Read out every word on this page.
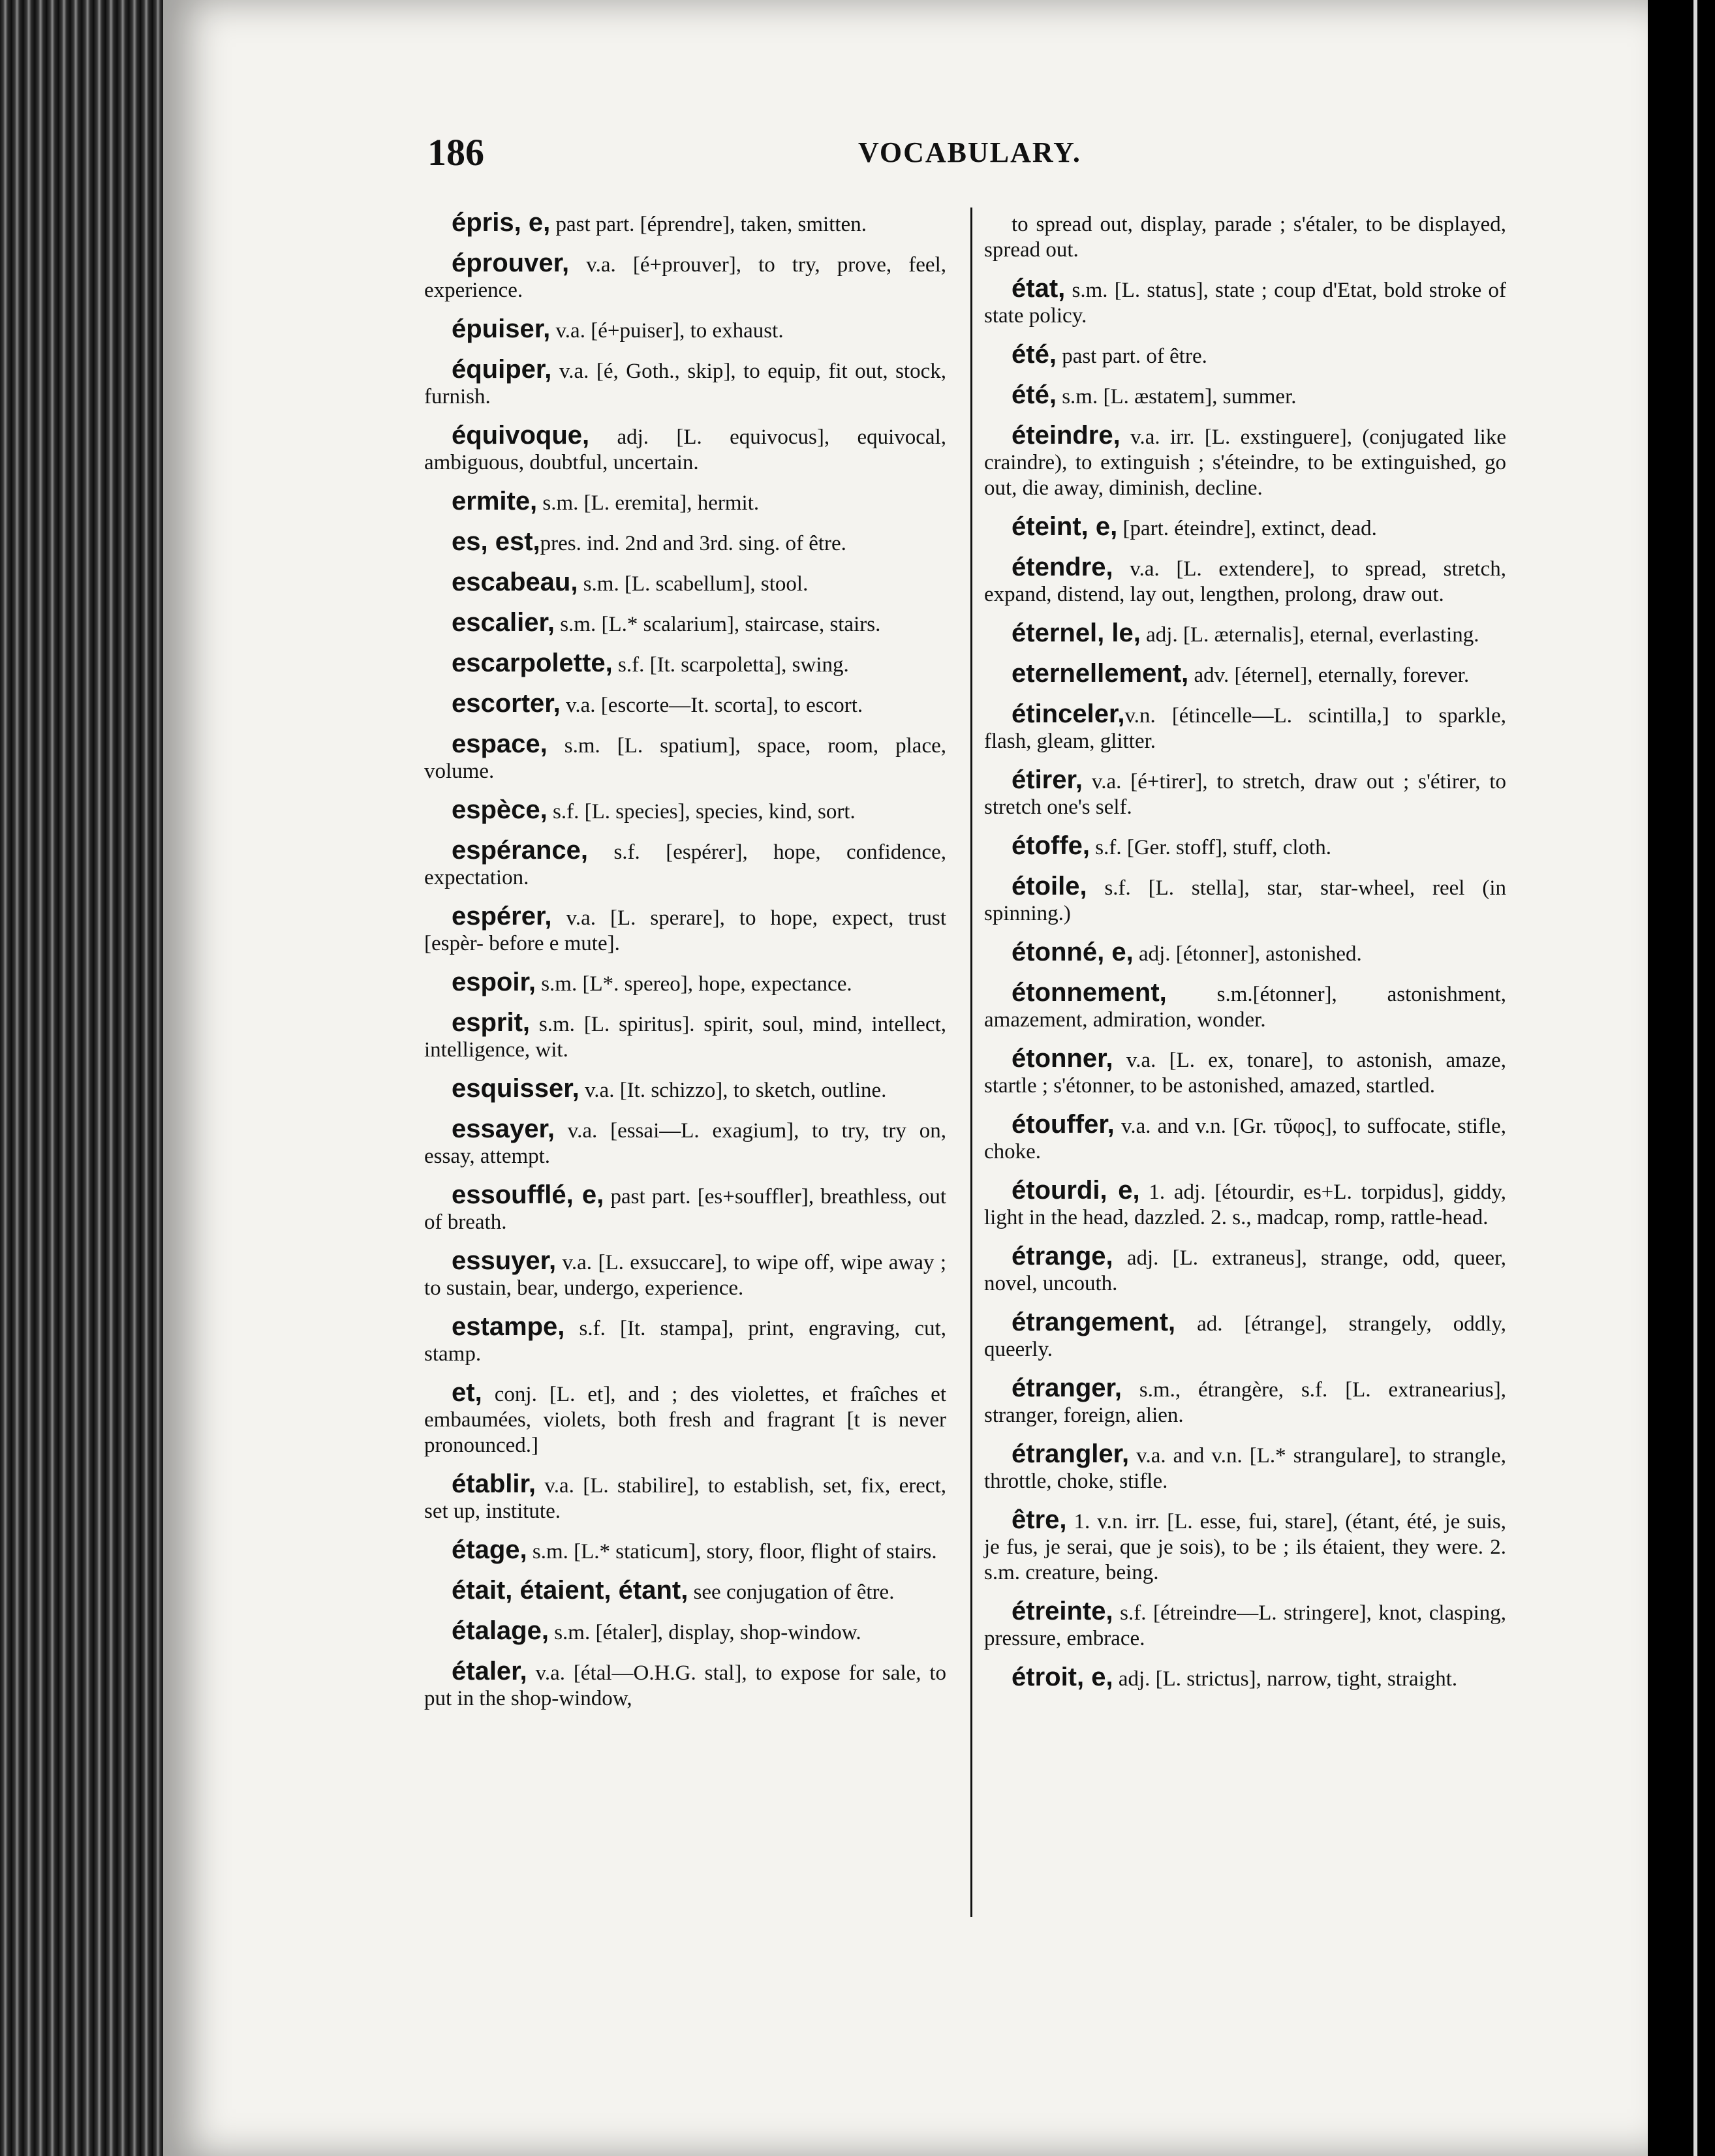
186	VOCABULARY.

épris, e, past part. [éprendre], taken, smitten.

éprouver, v.a. [é+prouver], to try, prove, feel, experience.

épuiser, v.a. [é+puiser], to exhaust.

équiper, v.a. [é, Goth., skip], to equip, fit out, stock, furnish.

équivoque, adj. [L. equivocus], equivocal, ambiguous, doubtful, uncertain.

ermite, s.m. [L. eremita], hermit.

es, est,pres. ind. 2nd and 3rd. sing. of être.

escabeau, s.m. [L. scabellum], stool.

escalier, s.m. [L.* scalarium], staircase, stairs.

escarpolette, s.f. [It. scarpoletta], swing.

escorter, v.a. [escorte—It. scorta], to escort.

espace, s.m. [L. spatium], space, room, place, volume.

espèce, s.f. [L. species], species, kind, sort.

espérance, s.f. [espérer], hope, confidence, expectation.

espérer, v.a. [L. sperare], to hope, expect, trust [espèr- before e mute].

espoir, s.m. [L*. spereo], hope, expectance.

esprit, s.m. [L. spiritus]. spirit, soul, mind, intellect, intelligence, wit.

esquisser, v.a. [It. schizzo], to sketch, outline.

essayer, v.a. [essai—L. exagium], to try, try on, essay, attempt.

essoufflé, e, past part. [es+souffler], breathless, out of breath.

essuyer, v.a. [L. exsuccare], to wipe off, wipe away ; to sustain, bear, undergo, experience.

estampe, s.f. [It. stampa], print, engraving, cut, stamp.

et, conj. [L. et], and ; des violettes, et fraîches et embaumées, violets, both fresh and fragrant [t is never pronounced.]

établir, v.a. [L. stabilire], to establish, set, fix, erect, set up, institute.

étage, s.m. [L.* staticum], story, floor, flight of stairs.

était, étaient, étant, see conjugation of être.

étalage, s.m. [étaler], display, shop-window.

étaler, v.a. [étal—O.H.G. stal], to expose for sale, to put in the shop-window,

to spread out, display, parade ; s'étaler, to be displayed, spread out.

état, s.m. [L. status], state ; coup d'Etat, bold stroke of state policy.

été, past part. of être.

été, s.m. [L. æstatem], summer.

éteindre, v.a. irr. [L. exstinguere], (conjugated like craindre), to extinguish ; s'éteindre, to be extinguished, go out, die away, diminish, decline.

éteint, e, [part. éteindre], extinct, dead.

étendre, v.a. [L. extendere], to spread, stretch, expand, distend, lay out, lengthen, prolong, draw out.

éternel, le, adj. [L. æternalis], eternal, everlasting.

eternellement, adv. [éternel], eternally, forever.

étinceler,v.n. [étincelle—L. scintilla,] to sparkle, flash, gleam, glitter.

étirer, v.a. [é+tirer], to stretch, draw out ; s'étirer, to stretch one's self.

étoffe, s.f. [Ger. stoff], stuff, cloth.

étoile, s.f. [L. stella], star, star-wheel, reel (in spinning.)

étonné, e, adj. [étonner], astonished.

étonnement, s.m.[étonner], astonishment, amazement, admiration, wonder.

étonner, v.a. [L. ex, tonare], to astonish, amaze, startle ; s'étonner, to be astonished, amazed, startled.

étouffer, v.a. and v.n. [Gr. τῦφος], to suffocate, stifle, choke.

étourdi, e, 1. adj. [étourdir, es+L. torpidus], giddy, light in the head, dazzled. 2. s., madcap, romp, rattle-head.

étrange, adj. [L. extraneus], strange, odd, queer, novel, uncouth.

étrangement, ad. [étrange], strangely, oddly, queerly.

étranger, s.m., étrangère, s.f. [L. extranearius], stranger, foreign, alien.

étrangler, v.a. and v.n. [L.* strangulare], to strangle, throttle, choke, stifle.

être, 1. v.n. irr. [L. esse, fui, stare], (étant, été, je suis, je fus, je serai, que je sois), to be ; ils étaient, they were. 2. s.m. creature, being.

étreinte, s.f. [étreindre—L. stringere], knot, clasping, pressure, embrace.

étroit, e, adj. [L. strictus], narrow, tight, straight.
